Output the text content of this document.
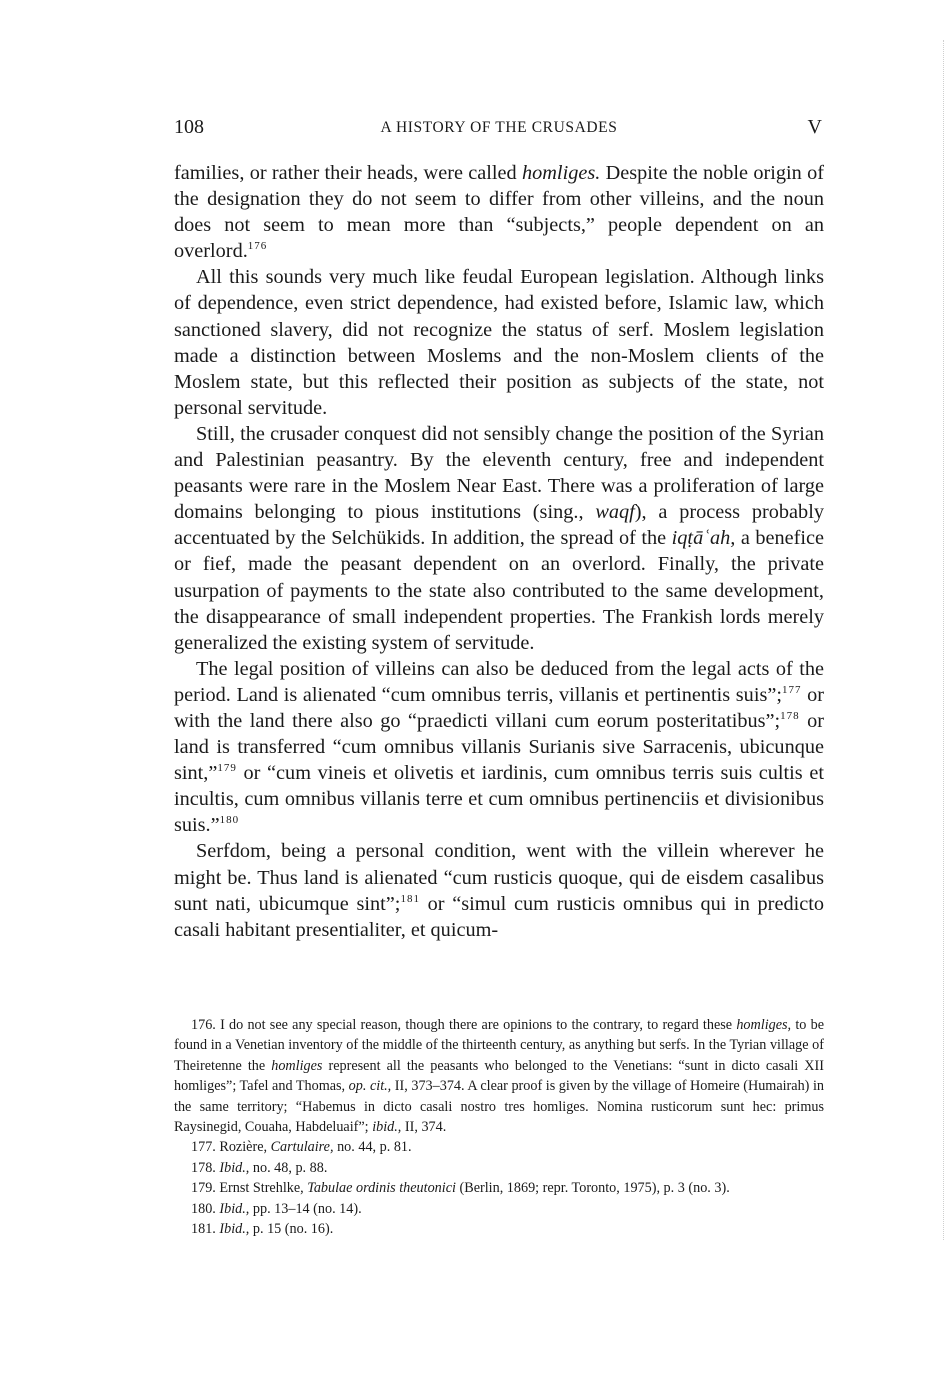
108	A HISTORY OF THE CRUSADES	V

families, or rather their heads, were called homliges. Despite the noble origin of the designation they do not seem to differ from other villeins, and the noun does not seem to mean more than “subjects,” people dependent on an overlord.$^{176}$

All this sounds very much like feudal European legislation. Although links of dependence, even strict dependence, had existed before, Islamic law, which sanctioned slavery, did not recognize the status of serf. Moslem legislation made a distinction between Moslems and the non-Moslem clients of the Moslem state, but this reflected their position as subjects of the state, not personal servitude.

Still, the crusader conquest did not sensibly change the position of the Syrian and Palestinian peasantry. By the eleventh century, free and independent peasants were rare in the Moslem Near East. There was a proliferation of large domains belonging to pious institutions (sing., waqf), a process probably accentuated by the Selchükids. In addition, the spread of the iqṭāʿah, a benefice or fief, made the peasant dependent on an overlord. Finally, the private usurpation of payments to the state also contributed to the same development, the disappearance of small independent properties. The Frankish lords merely generalized the existing system of servitude.

The legal position of villeins can also be deduced from the legal acts of the period. Land is alienated “cum omnibus terris, villanis et pertinentis suis”;$^{177}$ or with the land there also go “praedicti villani cum eorum posteritatibus”;$^{178}$ or land is transferred “cum omnibus villanis Surianis sive Sarracenis, ubicunque sint,”$^{179}$ or “cum vineis et olivetis et iardinis, cum omnibus terris suis cultis et incultis, cum omnibus villanis terre et cum omnibus pertinenciis et divisionibus suis.”$^{180}$

Serfdom, being a personal condition, went with the villein wherever he might be. Thus land is alienated “cum rusticis quoque, qui de eisdem casalibus sunt nati, ubicumque sint”;$^{181}$ or “simul cum rusticis omnibus qui in predicto casali habitant presentialiter, et quicum-

176. I do not see any special reason, though there are opinions to the contrary, to regard these homliges, to be found in a Venetian inventory of the middle of the thirteenth century, as anything but serfs. In the Tyrian village of Theiretenne the homliges represent all the peasants who belonged to the Venetians: “sunt in dicto casali XII homliges”; Tafel and Thomas, op. cit., II, 373–374. A clear proof is given by the village of Homeire (Humairah) in the same territory; “Habemus in dicto casali nostro tres homliges. Nomina rusticorum sunt hec: primus Raysinegid, Couaha, Habdeluaif”; ibid., II, 374.

177. Rozière, Cartulaire, no. 44, p. 81.

178. Ibid., no. 48, p. 88.

179. Ernst Strehlke, Tabulae ordinis theutonici (Berlin, 1869; repr. Toronto, 1975), p. 3 (no. 3).

180. Ibid., pp. 13–14 (no. 14).

181. Ibid., p. 15 (no. 16).
